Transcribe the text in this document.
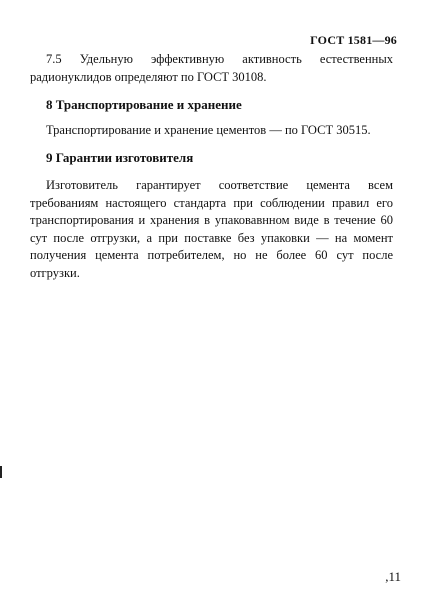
ГОСТ 1581—96

7.5 Удельную эффективную активность естественных радионуклидов определяют по ГОСТ 30108.

8 Транспортирование и хранение

Транспортирование и хранение цементов — по ГОСТ 30515.

9 Гарантии изготовителя

Изготовитель гарантирует соответствие цемента всем требованиям настоящего стандарта при соблюдении правил его транспортирования и хранения в упаковавнном виде в течение 60 сут после отгрузки, а при поставке без упаковки — на момент получения цемента потребителем, но не более 60 сут после отгрузки.

,11
